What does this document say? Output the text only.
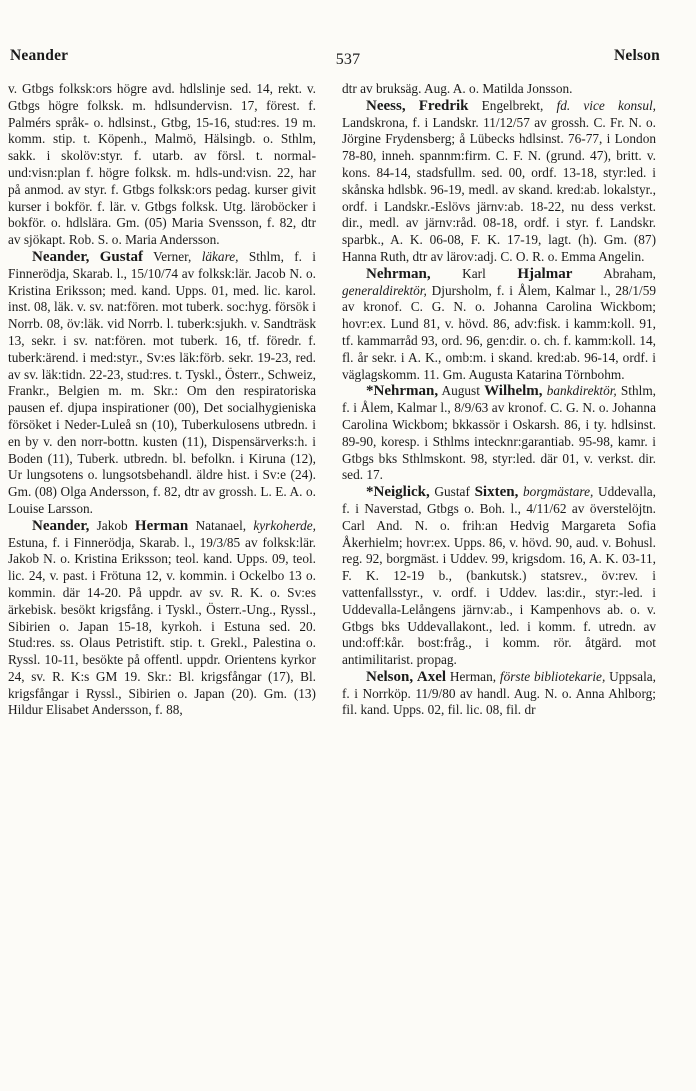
Neander	537	Nelson

v. Gtbgs folksk:ors högre avd. hdlslinje sed. 14, rekt. v. Gtbgs högre folksk. m. hdlsundervisn. 17, förest. f. Palmérs språk- o. hdlsinst., Gtbg, 15-16, stud:res. 19 m. komm. stip. t. Köpenh., Malmö, Hälsingb. o. Sthlm, sakk. i skolöv:styr. f. utarb. av försl. t. normal-und:visn:plan f. högre folksk. m. hdls-und:visn. 22, har på anmod. av styr. f. Gtbgs folksk:ors pedag. kurser givit kurser i bokför. f. lär. v. Gtbgs folksk. Utg. läroböcker i bokför. o. hdlslära. Gm. (05) Maria Svensson, f. 82, dtr av sjökapt. Rob. S. o. Maria Andersson.

Neander, Gustaf Verner, läkare, Sthlm, f. i Finnerödja, Skarab. l., 15/10/74 av folksk:lär. Jacob N. o. Kristina Eriksson; med. kand. Upps. 01, med. lic. karol. inst. 08, läk. v. sv. nat:fören. mot tuberk. soc:hyg. försök i Norrb. 08, öv:läk. vid Norrb. l. tuberk:sjukh. v. Sandträsk 13, sekr. i sv. nat:fören. mot tuberk. 16, tf. föredr. f. tuberk:ärend. i med:styr., Sv:es läk:förb. sekr. 19-23, red. av sv. läk:tidn. 22-23, stud:res. t. Tyskl., Österr., Schweiz, Frankr., Belgien m. m. Skr.: Om den respiratoriska pausen ef. djupa inspirationer (00), Det socialhygieniska försöket i Neder-Luleå sn (10), Tuberkulosens utbredn. i en by v. den norr-bottn. kusten (11), Dispensärverks:h. i Boden (11), Tuberk. utbredn. bl. befolkn. i Kiruna (12), Ur lungsotens o. lungsotsbehandl. äldre hist. i Sv:e (24). Gm. (08) Olga Andersson, f. 82, dtr av grossh. L. E. A. o. Louise Larsson.

Neander, Jakob Herman Natanael, kyrkoherde, Estuna, f. i Finnerödja, Skarab. l., 19/3/85 av folksk:lär. Jakob N. o. Kristina Eriksson; teol. kand. Upps. 09, teol. lic. 24, v. past. i Frötuna 12, v. kommin. i Ockelbo 13 o. kommin. där 14-20. På uppdr. av sv. R. K. o. Sv:es ärkebisk. besökt krigsfång. i Tyskl., Österr.-Ung., Ryssl., Sibirien o. Japan 15-18, kyrkoh. i Estuna sed. 20. Stud:res. ss. Olaus Petristift. stip. t. Grekl., Palestina o. Ryssl. 10-11, besökte på offentl. uppdr. Orientens kyrkor 24, sv. R. K:s GM 19. Skr.: Bl. krigsfångar (17), Bl. krigsfångar i Ryssl., Sibirien o. Japan (20). Gm. (13) Hildur Elisabet Andersson, f. 88,

dtr av bruksäg. Aug. A. o. Matilda Jonsson.

Neess, Fredrik Engelbrekt, fd. vice konsul, Landskrona, f. i Landskr. 11/12/57 av grossh. C. Fr. N. o. Jörgine Frydensberg; å Lübecks hdlsinst. 76-77, i London 78-80, inneh. spannm:firm. C. F. N. (grund. 47), britt. v. kons. 84-14, stadsfullm. sed. 00, ordf. 13-18, styr:led. i skånska hdlsbk. 96-19, medl. av skand. kred:ab. lokalstyr., ordf. i Landskr.-Eslövs järnv:ab. 18-22, nu dess verkst. dir., medl. av järnv:råd. 08-18, ordf. i styr. f. Landskr. sparbk., A. K. 06-08, F. K. 17-19, lagt. (h). Gm. (87) Hanna Ruth, dtr av lärov:adj. C. O. R. o. Emma Angelin.

Nehrman, Karl Hjalmar Abraham, generaldirektör, Djursholm, f. i Ålem, Kalmar l., 28/1/59 av kronof. C. G. N. o. Johanna Carolina Wickbom; hovr:ex. Lund 81, v. hövd. 86, adv:fisk. i kamm:koll. 91, tf. kammarråd 93, ord. 96, gen:dir. o. ch. f. kamm:koll. 14, fl. år sekr. i A. K., omb:m. i skand. kred:ab. 96-14, ordf. i väglagskomm. 11. Gm. Augusta Katarina Törnbohm.

*Nehrman, August Wilhelm, bankdirektör, Sthlm, f. i Ålem, Kalmar l., 8/9/63 av kronof. C. G. N. o. Johanna Carolina Wickbom; bkkassör i Oskarsh. 86, i ty. hdlsinst. 89-90, koresp. i Sthlms intecknr:garantiab. 95-98, kamr. i Gtbgs bks Sthlmskont. 98, styr:led. där 01, v. verkst. dir. sed. 17.

*Neiglick, Gustaf Sixten, borgmästare, Uddevalla, f. i Naverstad, Gtbgs o. Boh. l., 4/11/62 av överstelöjtn. Carl And. N. o. frih:an Hedvig Margareta Sofia Åkerhielm; hovr:ex. Upps. 86, v. hövd. 90, aud. v. Bohusl. reg. 92, borgmäst. i Uddev. 99, krigsdom. 16, A. K. 03-11, F. K. 12-19 b., (bankutsk.) statsrev., öv:rev. i vattenfallsstyr., v. ordf. i Uddev. las:dir., styr:-led. i Uddevalla-Lelångens järnv:ab., i Kampenhovs ab. o. v. Gtbgs bks Uddevallakont., led. i komm. f. utredn. av und:off:kår. bost:fråg., i komm. rör. åtgärd. mot antimilitarist. propag.

Nelson, Axel Herman, förste bibliotekarie, Uppsala, f. i Norrköp. 11/9/80 av handl. Aug. N. o. Anna Ahlborg; fil. kand. Upps. 02, fil. lic. 08, fil. dr
